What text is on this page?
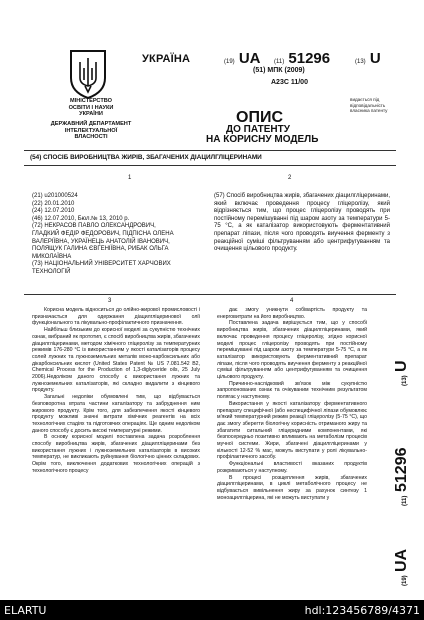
УКРАЇНА
МІНІСТЕРСТВО ОСВІТИ І НАУКИ УКРАЇНИ
ДЕРЖАВНИЙ ДЕПАРТАМЕНТ ІНТЕЛЕКТУАЛЬНОЇ ВЛАСНОСТІ
(19) UA (11) 51296	(13) U
(51) МПК (2009)
A23C 11/00
видається під відповідальність власника патенту
ОПИС
ДО ПАТЕНТУ
НА КОРИСНУ МОДЕЛЬ
(54) СПОСІБ ВИРОБНИЦТВА ЖИРІВ, ЗБАГАЧЕНИХ ДІАЦИЛГЛІЦЕРИНАМИ
1	2
(21) u201000524
(22) 20.01.2010
(24) 12.07.2010
(46) 12.07.2010, Бюл.№ 13, 2010 р.
(72) НЕКРАСОВ ПАВЛО ОЛЕКСАНДРОВИЧ, ГЛАДКИЙ ФЕДІР ФЕДОРОВИЧ, ПІДПІСНА ОЛЕНА ВАЛЕРІЇВНА, УКРАЇНЕЦЬ АНАТОЛІЙ ІВАНОВИЧ, ПОЛЯЩУК ГАЛИНА ЄВГЕНІЇВНА, РИБАК ОЛЬГА МИКОЛАЇВНА
(73) НАЦІОНАЛЬНИЙ УНІВЕРСИТЕТ ХАРЧОВИХ ТЕХНОЛОГІЙ
(57) Спосіб виробництва жирів, збагачених діацилгліцеринами, який включає проведення процесу гліцеролізу, який відрізняється тим, що процес гліцеролізу проводять при постійному перемішуванні під шаром азоту за температури 5-75 °C, а як каталізатор використовують ферментативний препарат ліпази, після чого проводять виучення ферменту з реакційної суміші фільтруванням або центрифугуванням та очищення цільового продукту.
3	4

Корисна модель відноситься до олійно-жирової промисловості і призначається для одержання діацилгліцеринової олії функціонального та лікувально-профілактичного призначення.

Найбільш близьким до корисної моделі за сукупністю технічних ознак, вибраний як прототип, є спосіб виробництва жирів, збагачених діацилгліцеринами, методом хімічного гліцеролізу за температурних режимів 176-280 °C із використанням у якості каталізаторів процесу солей лужних та лужноземельних металів моно-карбоксильних або дікарбоксильних кислот (United States Patent № US 7.081.542 B2, Chemical Process for the Production of 1,3-diglyceride oils, 25 July 2006).Недоліком даного способу є використання лужних та лужноземельних каталізаторів, які складно видалити з кінцевого продукту.

Загальні недоліки обумовлені тим, що відбувається безповоротна втрата частини каталізатору та забруднення ним жирового продукту. Крім того, для забезпечення якості кінцевого продукту можливі значні витрати хімічних реагентів на всіх технологічних стадіях та підготовчих операціях. Ще одним недоліком даного способу є досить високі температурні режими.

В основу корисної моделі поставлена задача розроблення способу виробництва жирів, збагачених діацилгліцеринами без використання лужних і лужноземельних каталізаторів в високих температур, не викликають руйнування біологічно цінних складових. Окрім того, виключення додаткових технологічних операцій з технологічного процесу

дає змогу уникнути собівартість продукту та енерговитрати на його виробництво.

Поставлена задача вирішується тим, що у способі виробництва жирів, збагачених діацилгліцеринами, який включає проведення процесу гліцеролізу, згідно корисної моделі процес гліцеролізу проводять при постійному перемішуванні під шаром азоту за температури 5-75 °C, а як каталізатор використовують ферментативний препарат ліпази, після чого проводять виучення ферменту з реакційної суміші фільтруванням або центрифугуванням та очищення цільового продукту.

Причинно-наслідковий зв'язок між сукупністю запропонованих ознак та очікуваним технічним результатом полягає у наступному.

Використання у якості каталізатору ферментативного препарату специфічної (або неспецифічної ліпази обумовлює м'який температурний режим реакції гліцеролізу (5-75 °C), що дає змогу зберегти біологічну корисність отриманого жиру та збагатити ситальний гліцеридними компонентами, які безпосередньо позитивно впливають на метаболізм процесів мучної системи. Жири, збагачені діацилгліцеринами у кількості 12-52 % мас, можуть виступати у ролі лікувально-профілактичного засобу.

Функціональні властивості вказаних продуктів розкриваються у наступному.

В процесі розщеплення жирів, збагачених діацилгліцеринами, в циклі метаболічного процесу не відбувається вивільнення жиру за рахунок синтезу 1 моноацилгліцерина, які не можуть виступати у

(19)
UA
(11)
51296
(13)
U
ELARTU	hdl:123456789/4371
